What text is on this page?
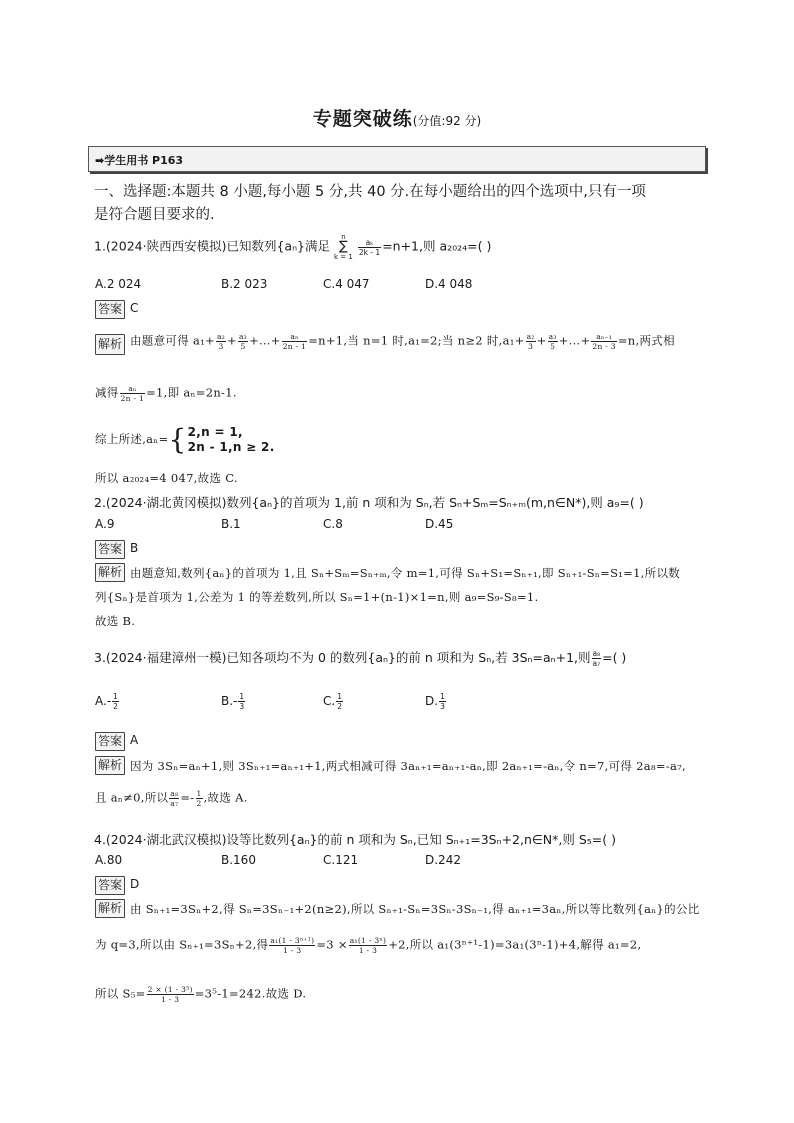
专题突破练(分值:92 分)
➡学生用书 P163
一、选择题:本题共 8 小题,每小题 5 分,共 40 分.在每小题给出的四个选项中,只有一项
是符合题目要求的.
1.(2024·陕西西安模拟)已知数列{aₙ}满足 n
∑
k = 1
$\frac{\text{aₖ}}{2k - 1} =n+1$,则 a₂₀₂₄=( )
A.2 024	B.2 023	C.4 047	D.4 048
答案 C
解析 由题意可得 $a_1+ \frac{\text{a₂}}{3} + \frac{\text{a₃}}{5}$ +…+ $\frac{\text{aₙ}}{2n - 1} =n+1$,当 n=1 时,a₁=2;当 n≥2 时$,a_1+ \frac{\text{a₂}}{3} + \frac{\text{a₃}}{5}$ +…+ $\frac{\text{aₙ₋₁}}{2n - 3} =n$,两式相
减得 $\frac{\text{aₙ}}{2n - 1} =1$,即 aₙ=2n-1.
综上所述,aₙ={ 2,n = 1,
2n - 1,n ≥ 2.
所以 a₂₀₂₄=4 047,故选 C.
2.(2024·湖北黄冈模拟)数列{aₙ}的首项为 1,前 n 项和为 Sₙ,若 Sₙ+Sₘ=Sₙ₊ₘ(m,n∈N*),则 a₉=( )
A.9	B.1	C.8	D.45
答案 B
解析 由题意知,数列{aₙ}的首项为 1,且 Sₙ+Sₘ=Sₙ₊ₘ,令 m=1,可得 Sₙ+S₁=Sₙ₊₁,即 Sₙ₊₁-Sₙ=S₁=1,所以数
列{Sₙ}是首项为 1,公差为 1 的等差数列,所以 Sₙ=1+(n-1)×1=n,则 a₉=S₉-S₈=1.
故选 B.
3.(2024·福建漳州一模)已知各项均不为 0 的数列{aₙ}的前 n 项和为 Sₙ,若 3Sₙ=aₙ+1,则 $\frac{\text{a₈}}{\text{a₇}}$ =( )
$A.- \frac{1}{2}$	$B.- \frac{1}{3}$	C. $\frac{1}{2}$	D. $\frac{1}{3}$
答案 A
解析 因为 3Sₙ=aₙ+1,则 3Sₙ₊₁=aₙ₊₁+1,两式相减可得 3aₙ₊₁=aₙ₊₁-aₙ,即 2aₙ₊₁=-aₙ,令 n=7,可得 2a₈=-a₇,
且 aₙ≠0,所以 $\frac{\text{a₈}}{\text{a₇}} =- \frac{1}{2}$ ,故选 A.
4.(2024·湖北武汉模拟)设等比数列{aₙ}的前 n 项和为 Sₙ,已知 Sₙ₊₁=3Sₙ+2,n∈N*,则 S₅=( )
A.80	B.160	C.121	D.242
答案 D
解析 由 Sₙ₊₁=3Sₙ+2,得 Sₙ=3Sₙ₋₁+2(n≥2),所以 Sₙ₊₁-Sₙ=3Sₙ-3Sₙ₋₁,得 aₙ₊₁=3aₙ,所以等比数列{aₙ}的公比
为 q=3,所以由 Sₙ₊₁=3Sₙ+2,得 $\frac{\text{a₁(1 - 3ⁿ⁺¹)}}{1 - 3} =3 \times \frac{\text{a₁(1 - 3ⁿ)}}{1 - 3} +2$,所以 a₁(3ⁿ⁺¹-1)=3a₁(3ⁿ-1)+4,解得 a₁=2,
所以 $S_5= \frac{\text{2 × (1 - 3⁵)}}{1 - 3} =3^5-1=242$.故选 D.
